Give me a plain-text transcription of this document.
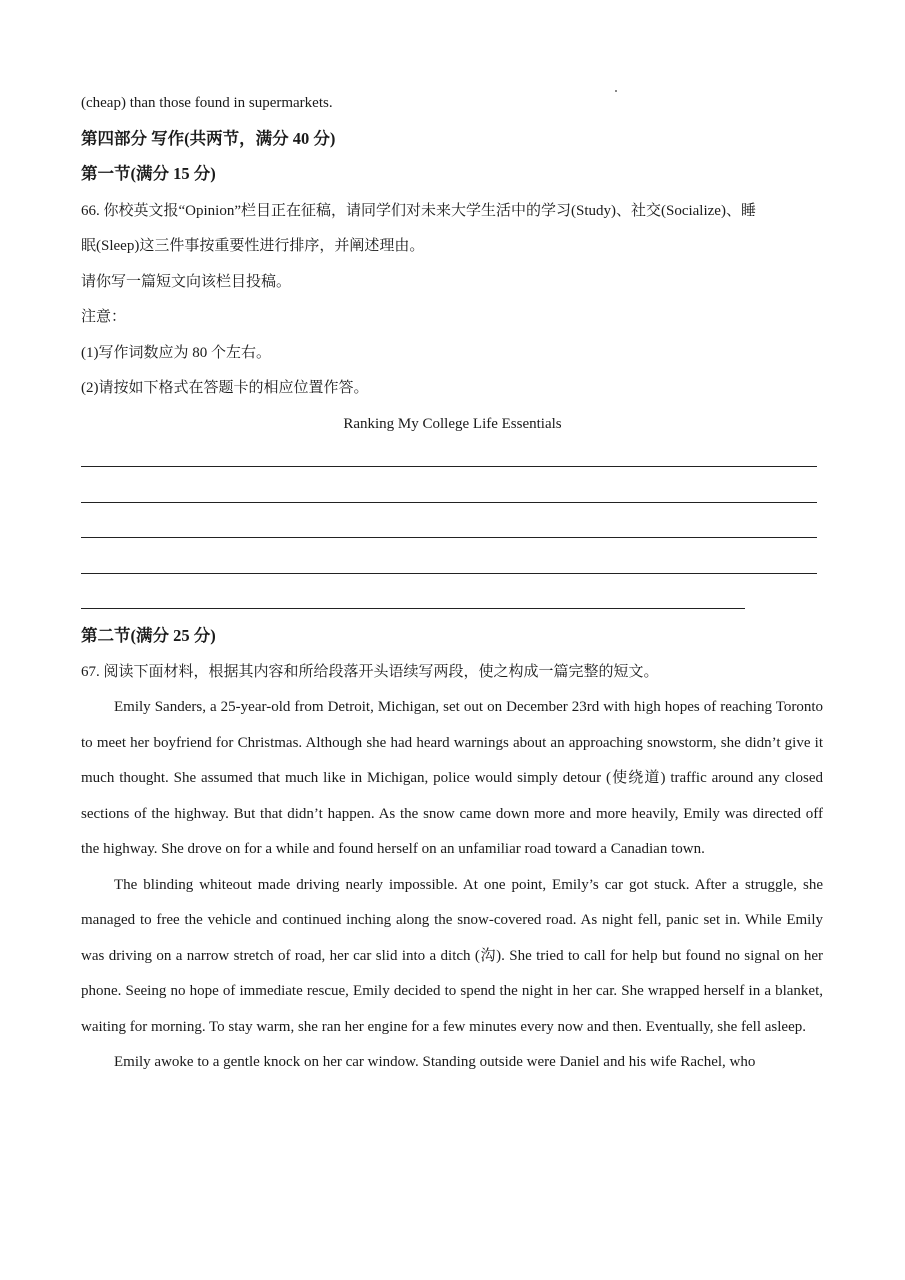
(cheap) than those found in supermarkets.
第四部分 写作(共两节，满分 40 分)
第一节(满分 15 分)
66. 你校英文报“Opinion”栏目正在征稿，请同学们对未来大学生活中的学习(Study)、社交(Socialize)、睡
眠(Sleep)这三件事按重要性进行排序，并阐述理由。
请你写一篇短文向该栏目投稿。
注意：
(1)写作词数应为 80 个左右。
(2)请按如下格式在答题卡的相应位置作答。
Ranking My College Life Essentials
第二节(满分 25 分)
67. 阅读下面材料，根据其内容和所给段落开头语续写两段，使之构成一篇完整的短文。

Emily Sanders, a 25-year-old from Detroit, Michigan, set out on December 23rd with high hopes of reaching Toronto to meet her boyfriend for Christmas. Although she had heard warnings about an approaching snowstorm, she didn’t give it much thought. She assumed that much like in Michigan, police would simply detour (使绕道) traffic around any closed sections of the highway. But that didn’t happen. As the snow came down more and more heavily, Emily was directed off the highway. She drove on for a while and found herself on an unfamiliar road toward a Canadian town.

The blinding whiteout made driving nearly impossible. At one point, Emily’s car got stuck. After a struggle, she managed to free the vehicle and continued inching along the snow-covered road. As night fell, panic set in. While Emily was driving on a narrow stretch of road, her car slid into a ditch (沟). She tried to call for help but found no signal on her phone. Seeing no hope of immediate rescue, Emily decided to spend the night in her car. She wrapped herself in a blanket, waiting for morning. To stay warm, she ran her engine for a few minutes every now and then. Eventually, she fell asleep.

Emily awoke to a gentle knock on her car window. Standing outside were Daniel and his wife Rachel, who
